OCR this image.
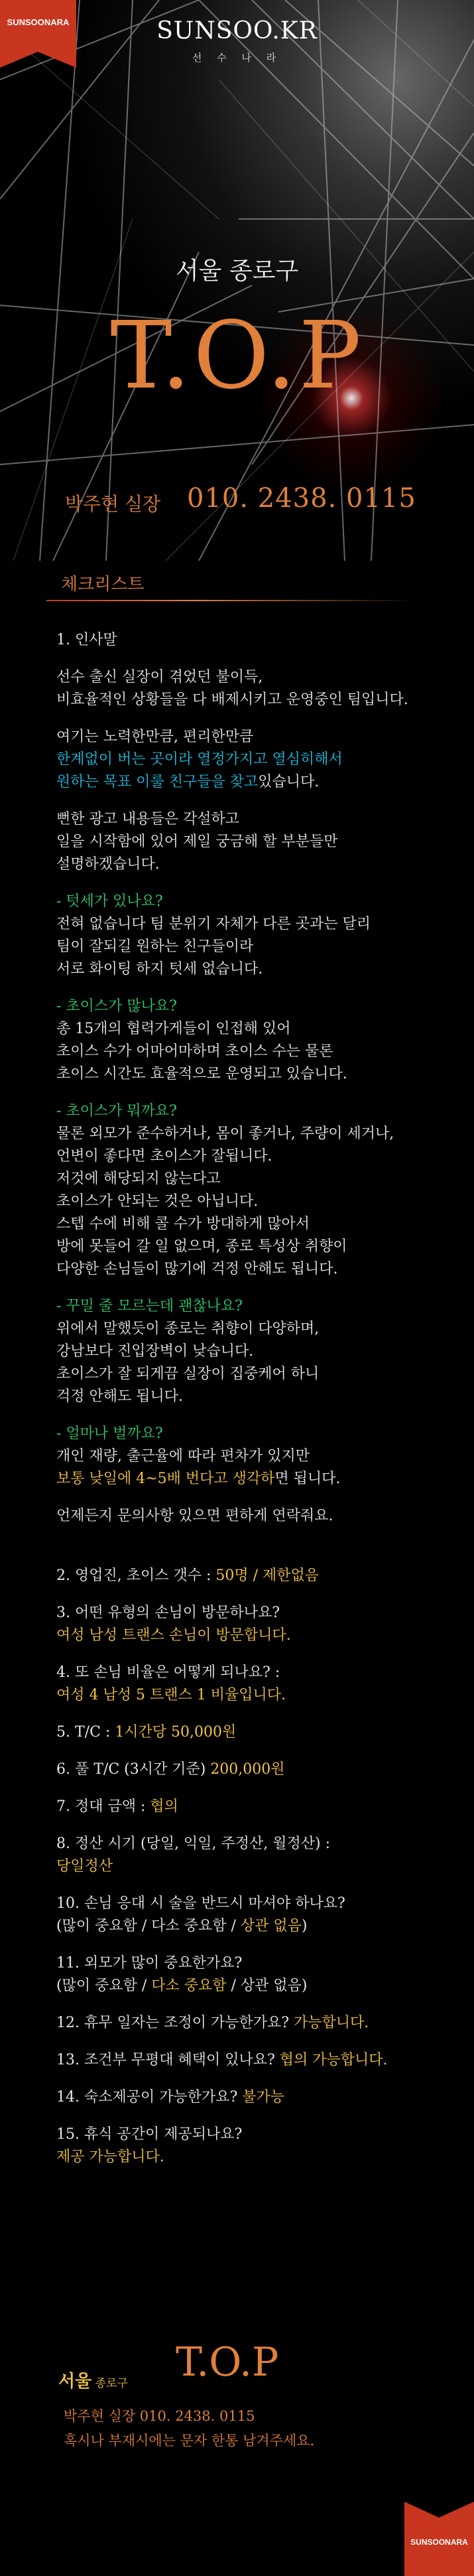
SUNSOONARA	SUNSOO.KR
선 수 나 라
서울 종로구
T.O.P
박주현 실장 010. 2438. 0115
체크리스트

1. 인사말

선수 출신 실장이 겪었던 불이득,
비효율적인 상황들을 다 배제시키고 운영중인 팀입니다.

여기는 노력한만큼, 편리한만큼
한계없이 버는 곳이라 열정가지고 열심히해서
원하는 목표 이룰 친구들을 찾고있습니다.

뻔한 광고 내용들은 각설하고
일을 시작함에 있어 제일 궁금해 할 부분들만
설명하겠습니다.

- 텃세가 있나요?
전혀 없습니다 팀 분위기 자체가 다른 곳과는 달리
팀이 잘되길 원하는 친구들이라
서로 화이팅 하지 텃세 없습니다.

- 초이스가 많나요?
총 15개의 협력가게들이 인접해 있어
초이스 수가 어마어마하며 초이스 수는 물론
초이스 시간도 효율적으로 운영되고 있습니다.

- 초이스가 뭐까요?
물론 외모가 준수하거나, 몸이 좋거나, 주량이 세거나,
언변이 좋다면 초이스가 잘됩니다.
저것에 해당되지 않는다고
초이스가 안되는 것은 아닙니다.
스텝 수에 비해 콜 수가 방대하게 많아서
방에 못들어 갈 일 없으며, 종로 특성상 취향이
다양한 손님들이 많기에 걱정 안해도 됩니다.

- 꾸밀 줄 모르는데 괜찮나요?
위에서 말했듯이 종로는 취향이 다양하며,
강남보다 진입장벽이 낮습니다.
초이스가 잘 되게끔 실장이 집중케어 하니
걱정 안해도 됩니다.

- 얼마나 벌까요?
개인 재량, 출근율에 따라 편차가 있지만
보통 낮일에 4~5배 번다고 생각하면 됩니다.

언제든지 문의사항 있으면 편하게 연락줘요.

2. 영업진, 초이스 갯수 : 50명 / 제한없음

3. 어떤 유형의 손님이 방문하나요?
여성 남성 트랜스 손님이 방문합니다.

4. 또 손님 비율은 어떻게 되나요? :
여성 4 남성 5 트랜스 1 비율입니다.

5. T/C : 1시간당 50,000원

6. 풀 T/C (3시간 기준) 200,000원

7. 정대 금액 : 협의

8. 정산 시기 (당일, 익일, 주정산, 월정산) :
당일정산

10. 손님 응대 시 술을 반드시 마셔야 하나요?
(많이 중요함 / 다소 중요함 / 상관 없음)

11. 외모가 많이 중요한가요?
(많이 중요함 / 다소 중요함 / 상관 없음)

12. 휴무 일자는 조정이 가능한가요? 가능합니다.

13. 조건부 무평대 혜택이 있나요? 협의 가능합니다.

14. 숙소제공이 가능한가요? 불가능

15. 휴식 공간이 제공되나요?
제공 가능합니다.

서울 종로구 T.O.P
박주현 실장 010. 2438. 0115
혹시나 부재시에는 문자 한통 남겨주세요.
SUNSOONARA
